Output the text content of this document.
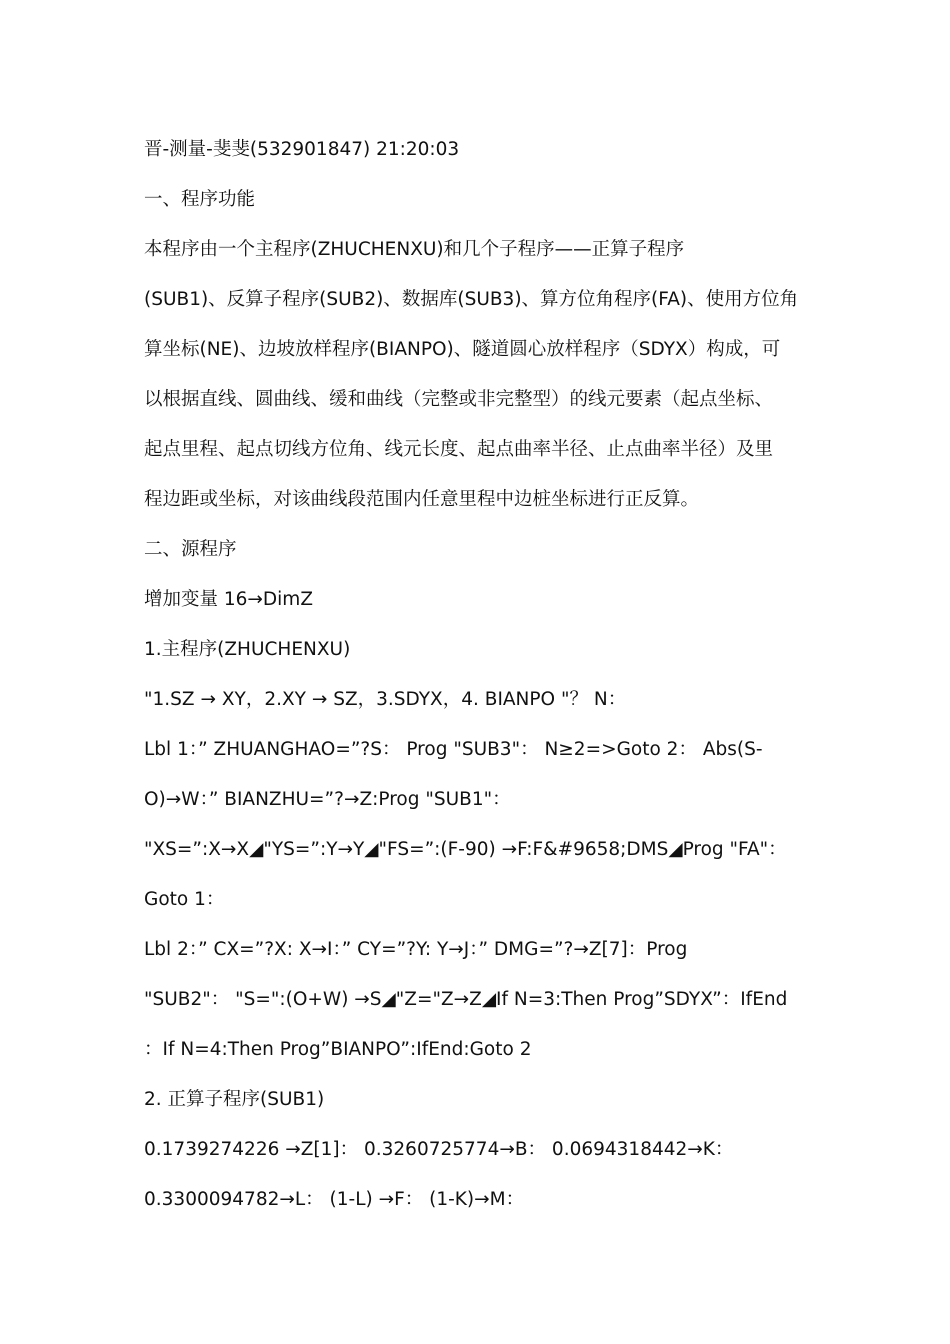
晋-测量-斐斐(532901847) 21:20:03
一、程序功能
本程序由一个主程序(ZHUCHENXU)和几个子程序——正算子程序
(SUB1)、反算子程序(SUB2)、数据库(SUB3)、算方位角程序(FA)、使用方位角
算坐标(NE)、边坡放样程序(BIANPO)、隧道圆心放样程序（SDYX）构成，可
以根据直线、圆曲线、缓和曲线（完整或非完整型）的线元要素（起点坐标、
起点里程、起点切线方位角、线元长度、起点曲率半径、止点曲率半径）及里
程边距或坐标，对该曲线段范围内任意里程中边桩坐标进行正反算。
二、源程序
增加变量 16→DimZ
1.主程序(ZHUCHENXU)
"1.SZ → XY，2.XY → SZ，3.SDYX，4. BIANPO "？ N：
Lbl 1：” ZHUANGHAO=”?S： Prog "SUB3"： N≥2=>Goto 2： Abs(S-
O)→W：” BIANZHU=”?→Z:Prog "SUB1"：
"XS=”:X→X◢"YS=”:Y→Y◢"FS=”:(F-90) →F:F&#9658;DMS◢Prog "FA"：
Goto 1：
Lbl 2：” CX=”?X: X→I：” CY=”?Y: Y→J：” DMG=”?→Z[7]：Prog
"SUB2"： "S=":(O+W) →S◢"Z="Z→Z◢If N=3:Then Prog”SDYX”：IfEnd
：If N=4:Then Prog”BIANPO”:IfEnd:Goto 2
2. 正算子程序(SUB1)
0.1739274226 →Z[1]： 0.3260725774→B： 0.0694318442→K：
0.3300094782→L： (1-L) →F： (1-K)→M：
